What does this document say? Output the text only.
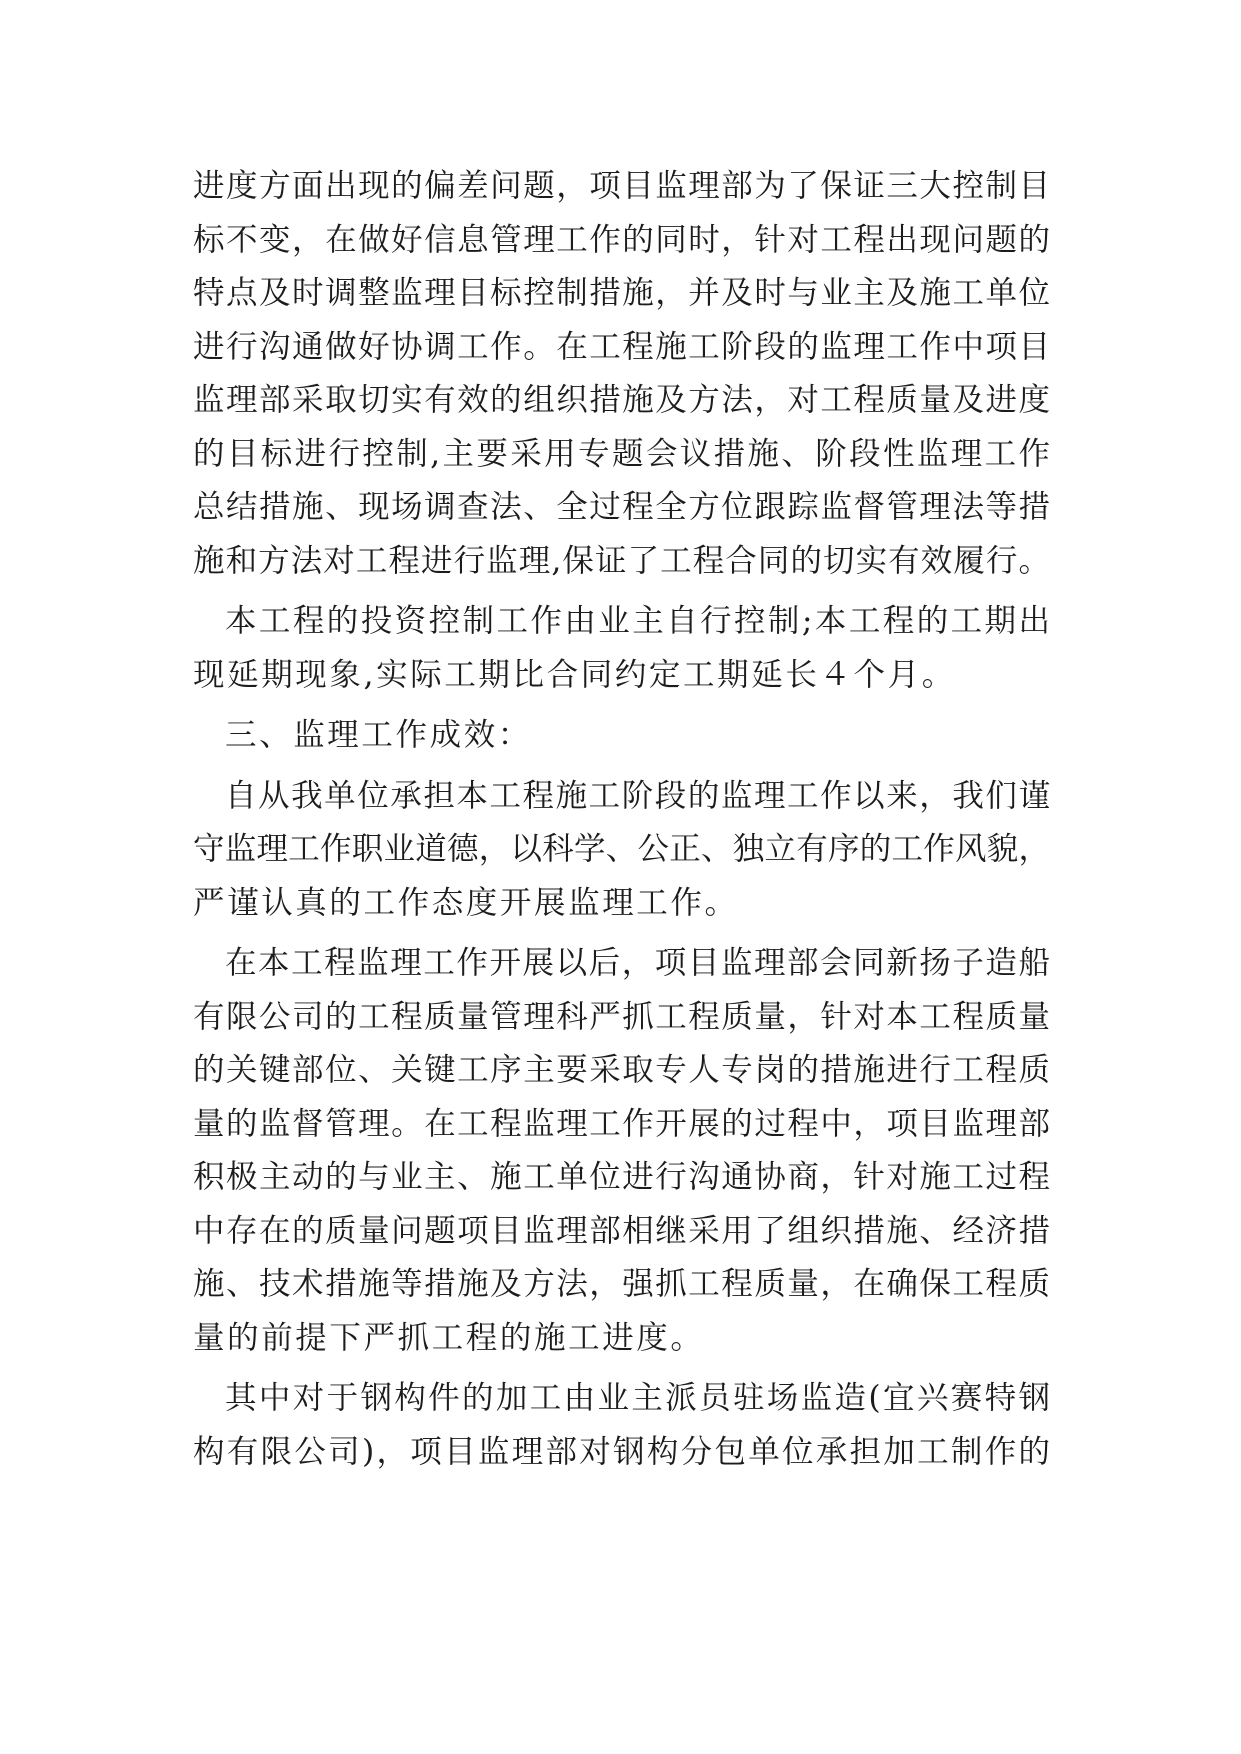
进度方面出现的偏差问题，项目监理部为了保证三大控制目
标不变，在做好信息管理工作的同时，针对工程出现问题的
特点及时调整监理目标控制措施，并及时与业主及施工单位
进行沟通做好协调工作。在工程施工阶段的监理工作中项目
监理部采取切实有效的组织措施及方法，对工程质量及进度
的目标进行控制,主要采用专题会议措施、阶段性监理工作
总结措施、现场调查法、全过程全方位跟踪监督管理法等措
施和方法对工程进行监理,保证了工程合同的切实有效履行。
本工程的投资控制工作由业主自行控制;本工程的工期出
现延期现象,实际工期比合同约定工期延长４个月。
三、监理工作成效：
自从我单位承担本工程施工阶段的监理工作以来，我们谨
守监理工作职业道德，以科学、公正、独立有序的工作风貌，
严谨认真的工作态度开展监理工作。
在本工程监理工作开展以后，项目监理部会同新扬子造船
有限公司的工程质量管理科严抓工程质量，针对本工程质量
的关键部位、关键工序主要采取专人专岗的措施进行工程质
量的监督管理。在工程监理工作开展的过程中，项目监理部
积极主动的与业主、施工单位进行沟通协商，针对施工过程
中存在的质量问题项目监理部相继采用了组织措施、经济措
施、技术措施等措施及方法，强抓工程质量，在确保工程质
量的前提下严抓工程的施工进度。
其中对于钢构件的加工由业主派员驻场监造(宜兴赛特钢
构有限公司)，项目监理部对钢构分包单位承担加工制作的
